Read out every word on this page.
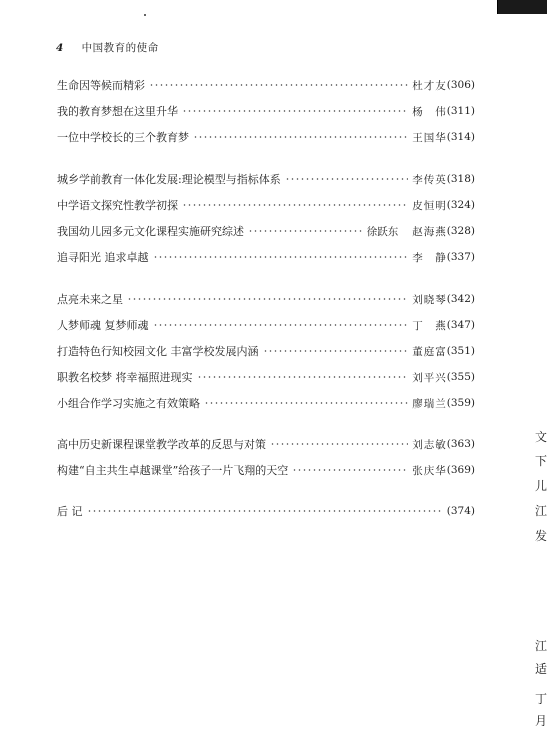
4 中国教育的使命
生命因等候而精彩	杜才友 (306)
我的教育梦想在这里升华	杨　伟 (311)
一位中学校长的三个教育梦	王国华 (314)
城乡学前教育一体化发展:理论模型与指标体系	李传英 (318)
中学语文探究性教学初探	皮恒明 (324)
我国幼儿园多元文化课程实施研究综述	徐跃东 赵海燕 (328)
追寻阳光 追求卓越	李　静 (337)
点亮未来之星	刘晓琴 (342)
人梦师魂 复梦师魂	丁　燕 (347)
打造特色行知校园文化 丰富学校发展内涵	董庭富 (351)
职教名校梦 将幸福照进现实	刘平兴 (355)
小组合作学习实施之有效策略	廖瑞兰 (359)
高中历史新课程课堂教学改革的反思与对策	刘志敏 (363)
构建“自主共生卓越课堂”给孩子一片飞翔的天空	张庆华 (369)
后 记	(374)
文
下
儿
江
发
江
适
丁
月
